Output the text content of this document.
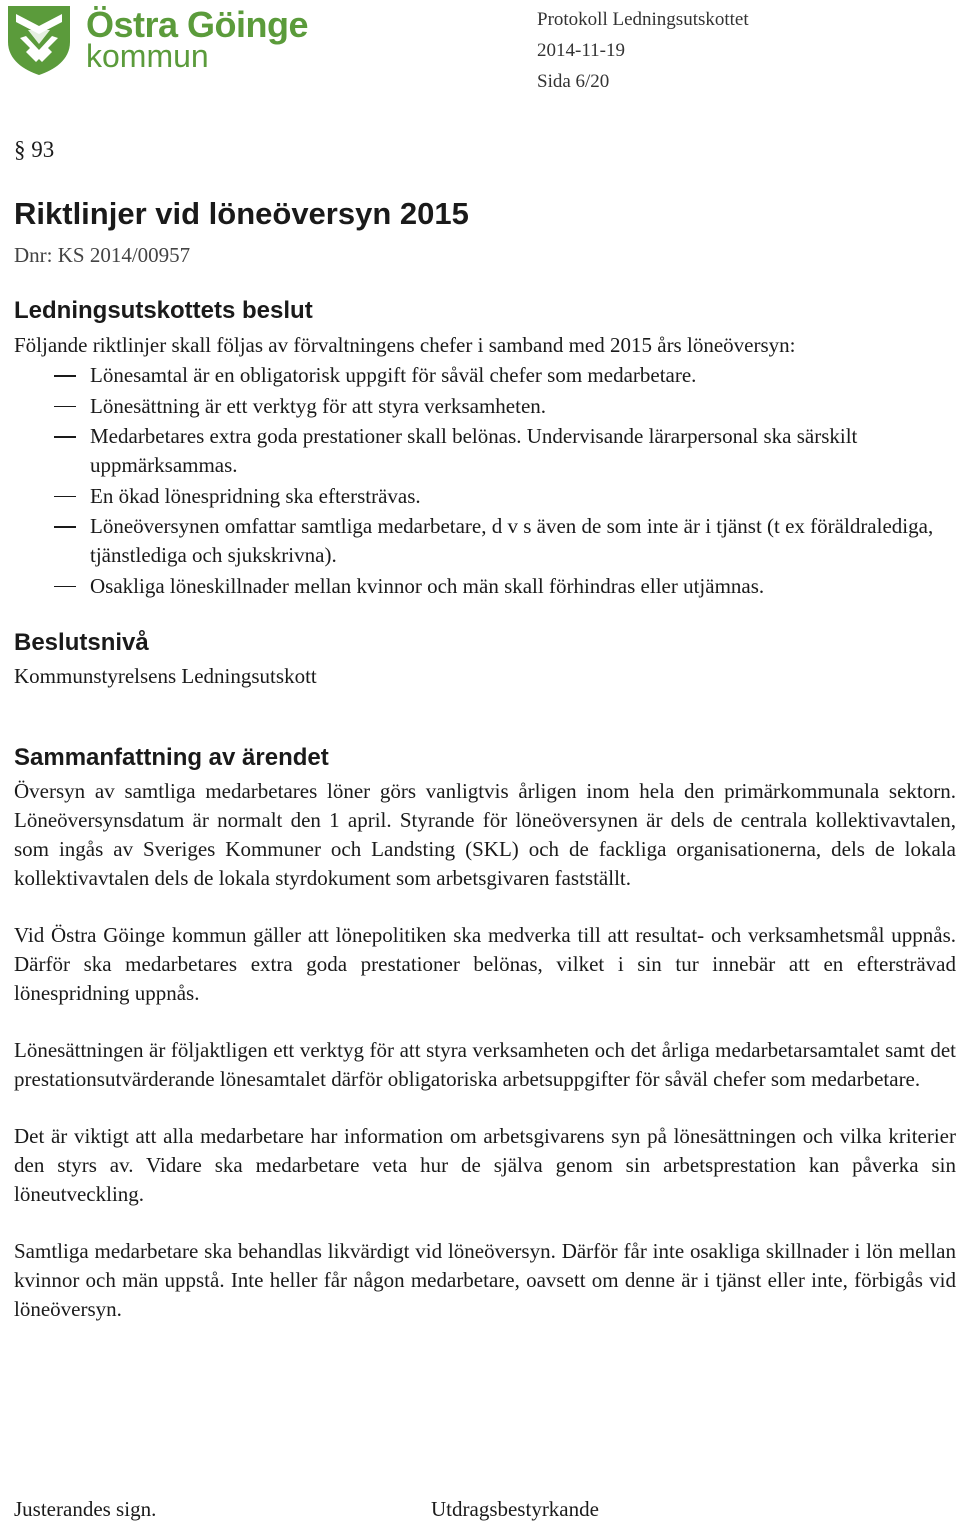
Östra Göinge
kommun
Protokoll Ledningsutskottet
2014-11-19
Sida 6/20
§ 93
Riktlinjer vid löneöversyn 2015
Dnr: KS 2014/00957
Ledningsutskottets beslut
Följande riktlinjer skall följas av förvaltningens chefer i samband med 2015 års löneöversyn:
Lönesamtal är en obligatorisk uppgift för såväl chefer som medarbetare.
Lönesättning är ett verktyg för att styra verksamheten.
Medarbetares extra goda prestationer skall belönas. Undervisande lärarpersonal ska särskilt uppmärksammas.
En ökad lönespridning ska eftersträvas.
Löneöversynen omfattar samtliga medarbetare, d v s även de som inte är i tjänst (t ex föräldralediga, tjänstlediga och sjukskrivna).
Osakliga löneskillnader mellan kvinnor och män skall förhindras eller utjämnas.
Beslutsnivå
Kommunstyrelsens Ledningsutskott
Sammanfattning av ärendet

Översyn av samtliga medarbetares löner görs vanligtvis årligen inom hela den primärkommunala sektorn. Löneöversynsdatum är normalt den 1 april. Styrande för löneöversynen är dels de centrala kollektivavtalen, som ingås av Sveriges Kommuner och Landsting (SKL) och de fackliga organisationerna, dels de lokala kollektivavtalen dels de lokala styrdokument som arbetsgivaren fastställt.

Vid Östra Göinge kommun gäller att lönepolitiken ska medverka till att resultat- och verksamhetsmål uppnås. Därför ska medarbetares extra goda prestationer belönas, vilket i sin tur innebär att en eftersträvad lönespridning uppnås.

Lönesättningen är följaktligen ett verktyg för att styra verksamheten och det årliga medarbetarsamtalet samt det prestationsutvärderande lönesamtalet därför obligatoriska arbetsuppgifter för såväl chefer som medarbetare.

Det är viktigt att alla medarbetare har information om arbetsgivarens syn på lönesättningen och vilka kriterier den styrs av. Vidare ska medarbetare veta hur de själva genom sin arbetsprestation kan påverka sin löneutveckling.

Samtliga medarbetare ska behandlas likvärdigt vid löneöversyn. Därför får inte osakliga skillnader i lön mellan kvinnor och män uppstå. Inte heller får någon medarbetare, oavsett om denne är i tjänst eller inte, förbigås vid löneöversyn.

Justerandes sign.	Utdragsbestyrkande
